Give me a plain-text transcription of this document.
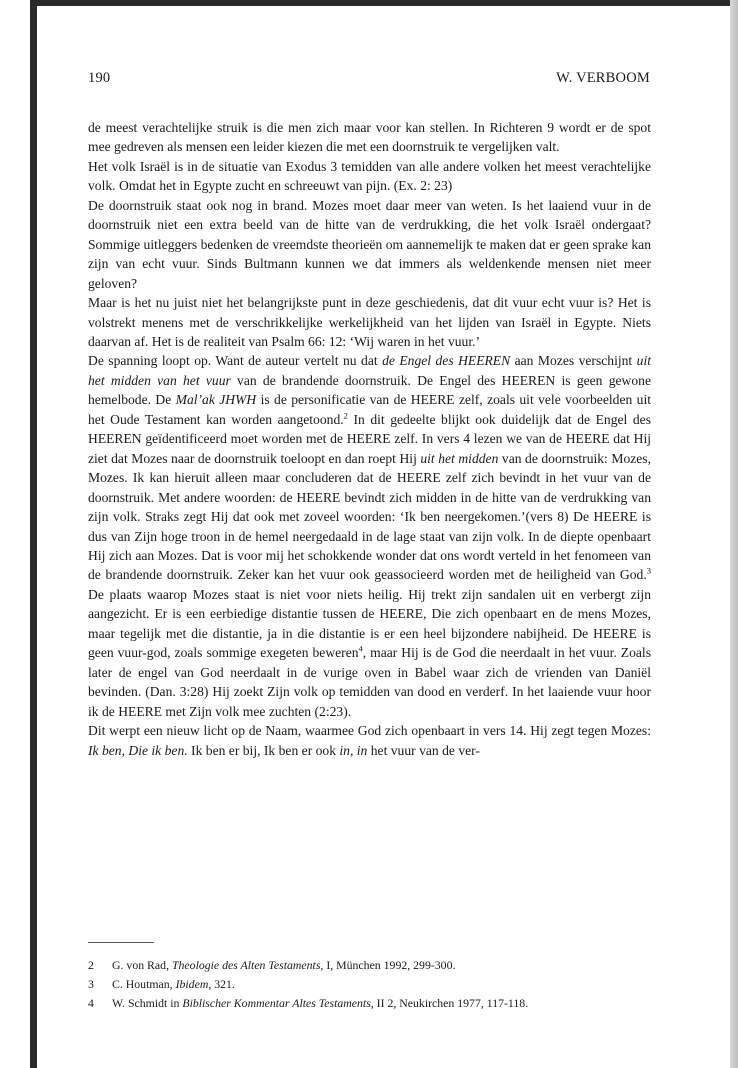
190	W. VERBOOM

de meest verachtelijke struik is die men zich maar voor kan stellen. In Richteren 9 wordt er de spot mee gedreven als mensen een leider kiezen die met een doornstruik te vergelijken valt.

Het volk Israël is in de situatie van Exodus 3 temidden van alle andere volken het meest verachtelijke volk. Omdat het in Egypte zucht en schreeuwt van pijn. (Ex. 2: 23)

De doornstruik staat ook nog in brand. Mozes moet daar meer van weten. Is het laaiend vuur in de doornstruik niet een extra beeld van de hitte van de verdrukking, die het volk Israël ondergaat? Sommige uitleggers bedenken de vreemdste theorieën om aannemelijk te maken dat er geen sprake kan zijn van echt vuur. Sinds Bultmann kunnen we dat immers als weldenkende mensen niet meer geloven?

Maar is het nu juist niet het belangrijkste punt in deze geschiedenis, dat dit vuur echt vuur is? Het is volstrekt menens met de verschrikkelijke werkelijkheid van het lijden van Israël in Egypte. Niets daarvan af. Het is de realiteit van Psalm 66: 12: ‘Wij waren in het vuur.’

De spanning loopt op. Want de auteur vertelt nu dat de Engel des HEEREN aan Mozes verschijnt uit het midden van het vuur van de brandende doornstruik. De Engel des HEEREN is geen gewone hemelbode. De Mal’ak JHWH is de personificatie van de HEERE zelf, zoals uit vele voorbeelden uit het Oude Testament kan worden aangetoond.$^2$ In dit gedeelte blijkt ook duidelijk dat de Engel des HEEREN geïdentificeerd moet worden met de HEERE zelf. In vers 4 lezen we van de HEERE dat Hij ziet dat Mozes naar de doornstruik toeloopt en dan roept Hij uit het midden van de doornstruik: Mozes, Mozes. Ik kan hieruit alleen maar concluderen dat de HEERE zelf zich bevindt in het vuur van de doornstruik. Met andere woorden: de HEERE bevindt zich midden in de hitte van de verdrukking van zijn volk. Straks zegt Hij dat ook met zoveel woorden: ‘Ik ben neergekomen.’(vers 8) De HEERE is dus van Zijn hoge troon in de hemel neergedaald in de lage staat van zijn volk. In de diepte openbaart Hij zich aan Mozes. Dat is voor mij het schokkende wonder dat ons wordt verteld in het fenomeen van de brandende doornstruik. Zeker kan het vuur ook geassocieerd worden met de heiligheid van God.$^3$ De plaats waarop Mozes staat is niet voor niets heilig. Hij trekt zijn sandalen uit en verbergt zijn aangezicht. Er is een eerbiedige distantie tussen de HEERE, Die zich openbaart en de mens Mozes, maar tegelijk met die distantie, ja in die distantie is er een heel bijzondere nabijheid. De HEERE is geen vuur-god, zoals sommige exegeten beweren$^4$, maar Hij is de God die neerdaalt in het vuur. Zoals later de engel van God neerdaalt in de vurige oven in Babel waar zich de vrienden van Daniël bevinden. (Dan. 3:28) Hij zoekt Zijn volk op temidden van dood en verderf. In het laaiende vuur hoor ik de HEERE met Zijn volk mee zuchten (2:23).

Dit werpt een nieuw licht op de Naam, waarmee God zich openbaart in vers 14. Hij zegt tegen Mozes: Ik ben, Die ik ben. Ik ben er bij, Ik ben er ook in, in het vuur van de ver-

2	G. von Rad, Theologie des Alten Testaments, I, München 1992, 299-300.
3	C. Houtman, Ibidem, 321.
4	W. Schmidt in Biblischer Kommentar Altes Testaments, II 2, Neukirchen 1977, 117-118.
